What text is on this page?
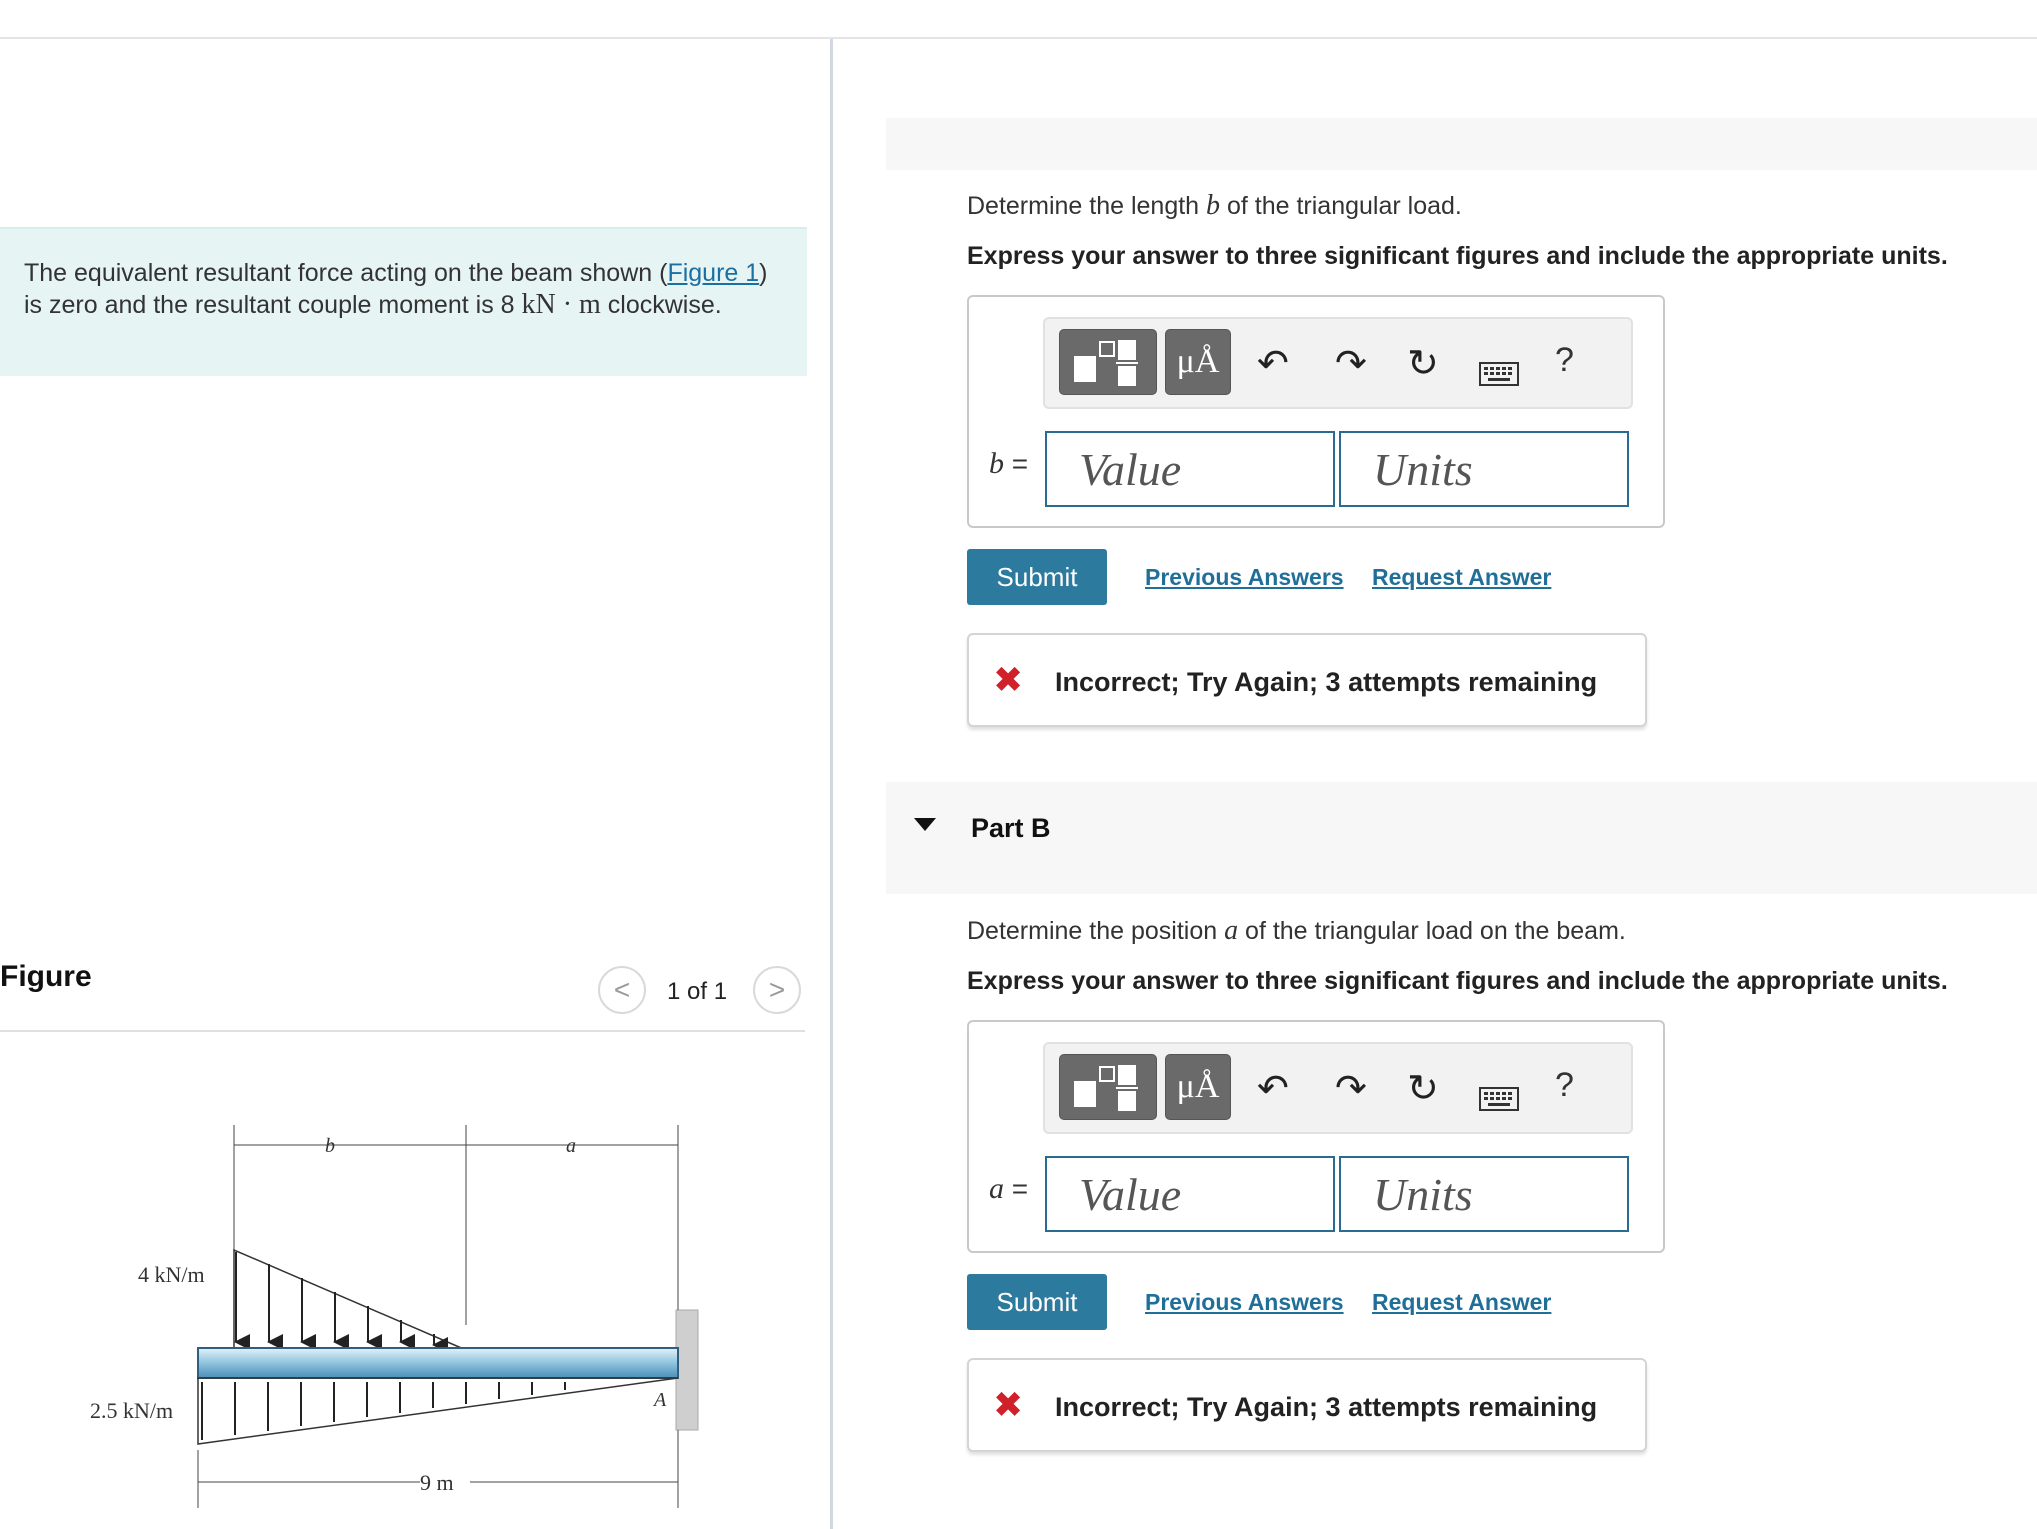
The equivalent resultant force acting on the beam shown (Figure 1) is zero and the resultant couple moment is 8 kN · m clockwise.
Figure	< 1 of 1 >
b	a
4 kN/m
2.5 kN/m	A
9 m
Determine the length b of the triangular load.
Express your answer to three significant figures and include the appropriate units.
μÅ ↶ ↷ ↻	?
b =	Value	Units
Submit	Previous Answers Request Answer
✖ Incorrect; Try Again; 3 attempts remaining
Part B
Determine the position a of the triangular load on the beam.
Express your answer to three significant figures and include the appropriate units.
μÅ ↶ ↷ ↻	?
a =	Value	Units
Submit	Previous Answers Request Answer
✖ Incorrect; Try Again; 3 attempts remaining
